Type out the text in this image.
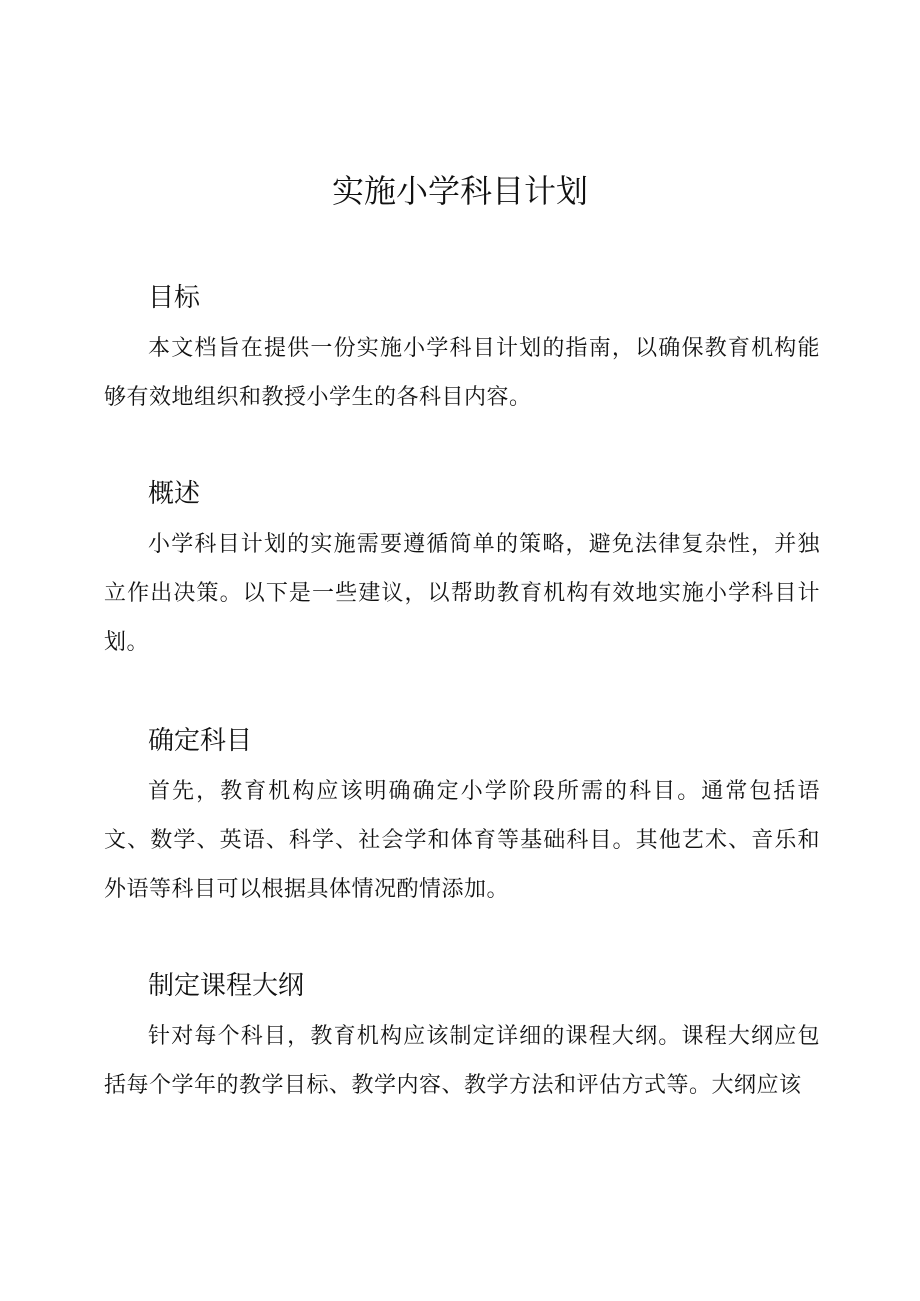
实施小学科目计划
目标

本文档旨在提供一份实施小学科目计划的指南，以确保教育机构能够有效地组织和教授小学生的各科目内容。

概述

小学科目计划的实施需要遵循简单的策略，避免法律复杂性，并独立作出决策。以下是一些建议，以帮助教育机构有效地实施小学科目计划。

确定科目

首先，教育机构应该明确确定小学阶段所需的科目。通常包括语文、数学、英语、科学、社会学和体育等基础科目。其他艺术、音乐和外语等科目可以根据具体情况酌情添加。

制定课程大纲

针对每个科目，教育机构应该制定详细的课程大纲。课程大纲应包括每个学年的教学目标、教学内容、教学方法和评估方式等。大纲应该
